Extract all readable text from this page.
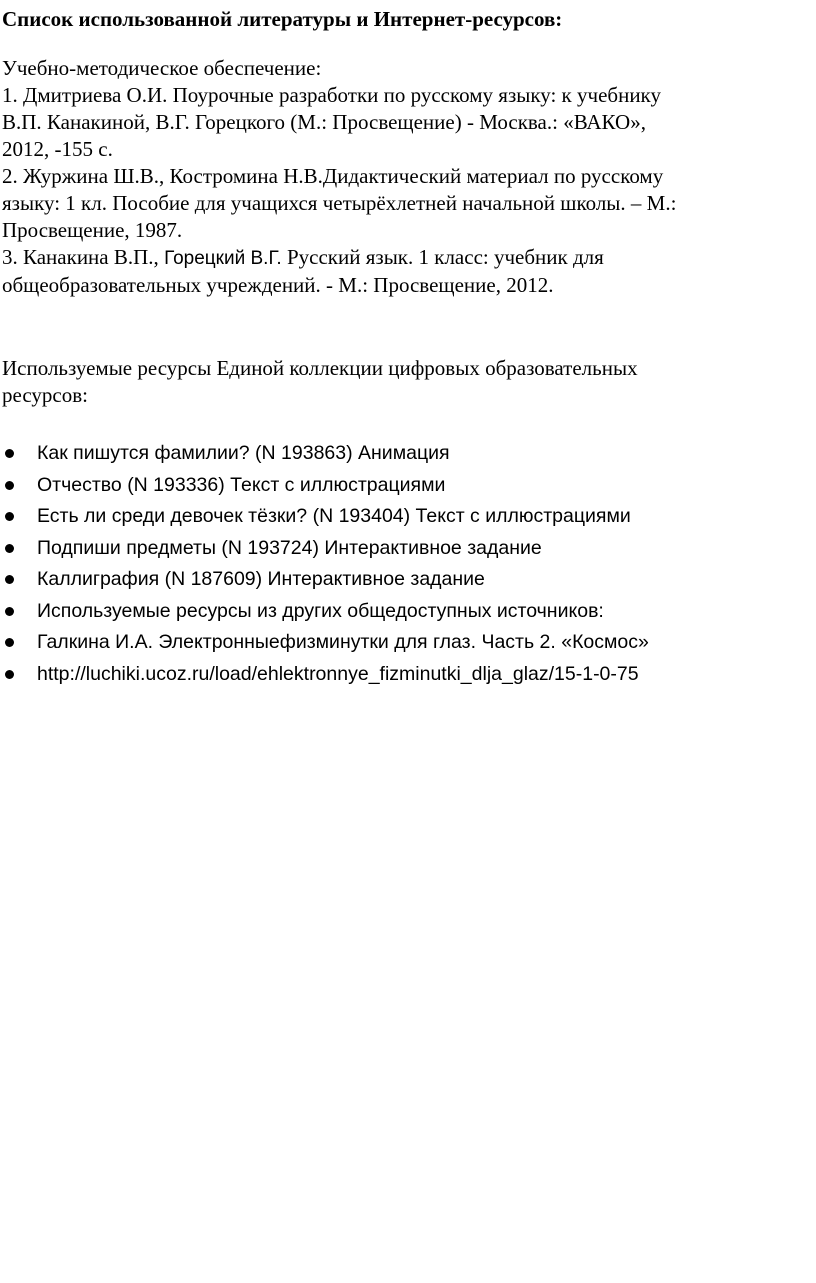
Список использованной литературы и Интернет-ресурсов:
Учебно-методическое обеспечение:
1. Дмитриева О.И. Поурочные разработки по русскому языку: к учебнику
В.П. Канакиной, В.Г. Горецкого (М.: Просвещение) - Москва.: «ВАКО»,
2012, -155 с.
2. Журжина Ш.В., Костромина Н.В.Дидактический материал по русскому
языку: 1 кл. Пособие для учащихся четырёхлетней начальной школы. – М.:
Просвещение, 1987.
3. Канакина В.П., Горецкий В.Г. Русский язык. 1 класс: учебник для
общеобразовательных учреждений. - М.: Просвещение, 2012.
Используемые ресурсы Единой коллекции цифровых образовательных
ресурсов:
Как пишутся фамилии? (N 193863) Анимация
Отчество (N 193336) Текст с иллюстрациями
Есть ли среди девочек тёзки? (N 193404) Текст с иллюстрациями
Подпиши предметы (N 193724) Интерактивное задание
Каллиграфия (N 187609) Интерактивное задание
Используемые ресурсы из других общедоступных источников:
Галкина И.А. Электронныефизминутки для глаз. Часть 2. «Космос»
http://luchiki.ucoz.ru/load/ehlektronnye_fizminutki_dlja_glaz/15-1-0-75
